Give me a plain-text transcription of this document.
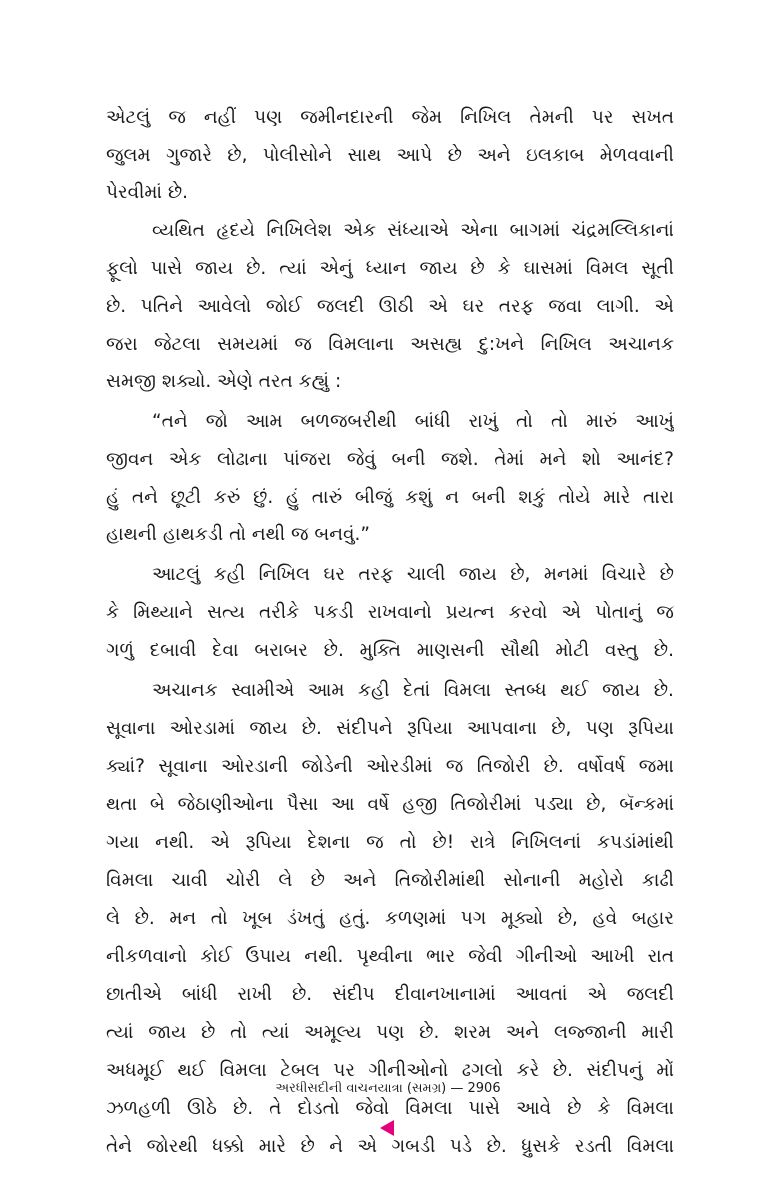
એટલું જ નહીં પણ જમીનદારની જેમ નિખિલ તેમની પર સખત
જુલમ ગુજારે છે, પોલીસોને સાથ આપે છે અને ઇલકાબ મેળવવાની
પેરવીમાં છે.
વ્યથિત હૃદયે નિખિલેશ એક સંધ્યાએ એના બાગમાં ચંદ્રમલ્લિકાનાં
ફૂલો પાસે જાય છે. ત્યાં એનું ધ્યાન જાય છે કે ઘાસમાં વિમલ સૂતી
છે. પતિને આવેલો જોઈ જલદી ઊઠી એ ઘર તરફ જવા લાગી. એ
જરા જેટલા સમયમાં જ વિમલાના અસહ્ય દુ:ખને નિખિલ અચાનક
સમજી શક્યો. એણે તરત કહ્યું :
“તને જો આમ બળજબરીથી બાંધી રાખું તો તો મારું આખું
જીવન એક લોઢાના પાંજરા જેવું બની જશે. તેમાં મને શો આનંદ?
હું તને છૂટી કરું છું. હું તારું બીજું કશું ન બની શકું તોયે મારે તારા
હાથની હાથકડી તો નથી જ બનવું.”
આટલું કહી નિખિલ ઘર તરફ ચાલી જાય છે, મનમાં વિચારે છે
કે મિથ્યાને સત્ય તરીકે પકડી રાખવાનો પ્રયત્ન કરવો એ પોતાનું જ
ગળું દબાવી દેવા બરાબર છે. મુક્તિ માણસની સૌથી મોટી વસ્તુ છે.
અચાનક સ્વામીએ આમ કહી દેતાં વિમલા સ્તબ્ધ થઈ જાય છે.
સૂવાના ઓરડામાં જાય છે. સંદીપને રૂપિયા આપવાના છે, પણ રૂપિયા
ક્યાં? સૂવાના ઓરડાની જોડેની ઓરડીમાં જ તિજોરી છે. વર્ષોવર્ષ જમા
થતા બે જેઠાણીઓના પૈસા આ વર્ષે હજી તિજોરીમાં પડ્યા છે, બૅન્કમાં
ગયા નથી. એ રૂપિયા દેશના જ તો છે! રાત્રે નિખિલનાં કપડાંમાંથી
વિમલા ચાવી ચોરી લે છે અને તિજોરીમાંથી સોનાની મહોરો કાઢી
લે છે. મન તો ખૂબ ડંખતું હતું. કળણમાં પગ મૂક્યો છે, હવે બહાર
નીકળવાનો કોઈ ઉપાય નથી. પૃથ્વીના ભાર જેવી ગીનીઓ આખી રાત
છાતીએ બાંધી રાખી છે. સંદીપ દીવાનખાનામાં આવતાં એ જલદી
ત્યાં જાય છે તો ત્યાં અમૂલ્ય પણ છે. શરમ અને લજ્જાની મારી
અધમૂઈ થઈ વિમલા ટેબલ પર ગીનીઓનો ઢગલો કરે છે. સંદીપનું મોં
ઝળહળી ઊઠે છે. તે દોડતો જેવો વિમલા પાસે આવે છે કે વિમલા
તેને જોરથી ધક્કો મારે છે ને એ ગબડી પડે છે. ધ્રુસકે રડતી વિમલા
અરધીસદીની વાચનયાત્રા (સમગ્ર) — 2906
